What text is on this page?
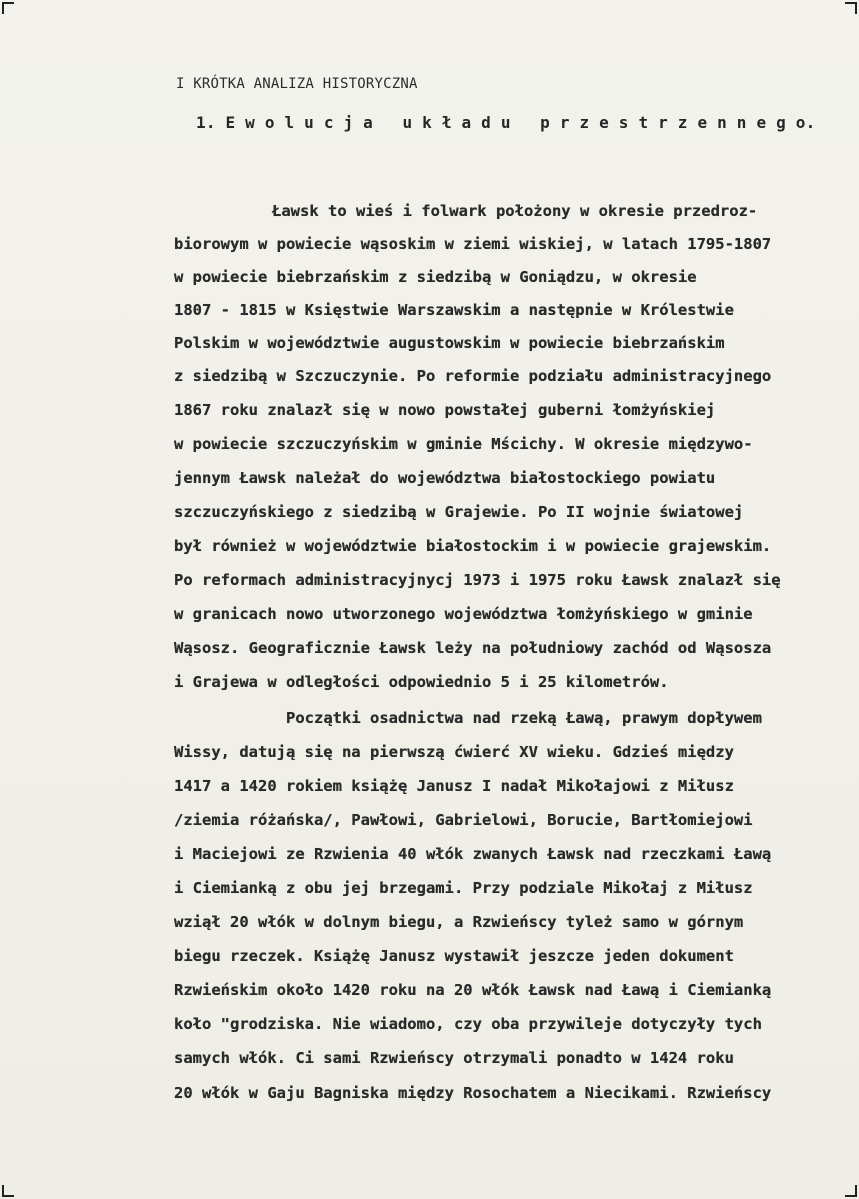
I KRÓTKA ANALIZA HISTORYCZNA
1. E w o l u c j a   u k ł a d u   p r z e s t r z e n n e g o.
Ławsk to wieś i folwark położony w okresie przedroz-
biorowym w powiecie wąsoskim w ziemi wiskiej, w latach 1795-1807
w powiecie biebrzańskim z siedzibą w Goniądzu, w okresie
1807 - 1815 w Księstwie Warszawskim a następnie w Królestwie
Polskim w województwie augustowskim w powiecie biebrzańskim
z siedzibą w Szczuczynie. Po reformie podziału administracyjnego
1867 roku znalazł się w nowo powstałej guberni łomżyńskiej
w powiecie szczuczyńskim w gminie Mścichy. W okresie międzywo-
jennym Ławsk należał do województwa białostockiego powiatu
szczuczyńskiego z siedzibą w Grajewie. Po II wojnie światowej
był również w województwie białostockim i w powiecie grajewskim.
Po reformach administracyjnycj 1973 i 1975 roku Ławsk znalazł się
w granicach nowo utworzonego województwa łomżyńskiego w gminie
Wąsosz. Geograficznie Ławsk leży na południowy zachód od Wąsosza
i Grajewa w odległości odpowiednio 5 i 25 kilometrów.
Początki osadnictwa nad rzeką Ławą, prawym dopływem
Wissy, datują się na pierwszą ćwierć XV wieku. Gdzieś między
1417 a 1420 rokiem książę Janusz I nadał Mikołajowi z Miłusz
/ziemia różańska/, Pawłowi, Gabrielowi, Borucie, Bartłomiejowi
i Maciejowi ze Rzwienia 40 włók zwanych Ławsk nad rzeczkami Ławą
i Ciemianką z obu jej brzegami. Przy podziale Mikołaj z Miłusz
wziął 20 włók w dolnym biegu, a Rzwieńscy tyleż samo w górnym
biegu rzeczek. Książę Janusz wystawił jeszcze jeden dokument
Rzwieńskim około 1420 roku na 20 włók Ławsk nad Ławą i Ciemianką
koło "grodziska. Nie wiadomo, czy oba przywileje dotyczyły tych
samych włók. Ci sami Rzwieńscy otrzymali ponadto w 1424 roku
20 włók w Gaju Bagniska między Rosochatem a Niecikami. Rzwieńscy
